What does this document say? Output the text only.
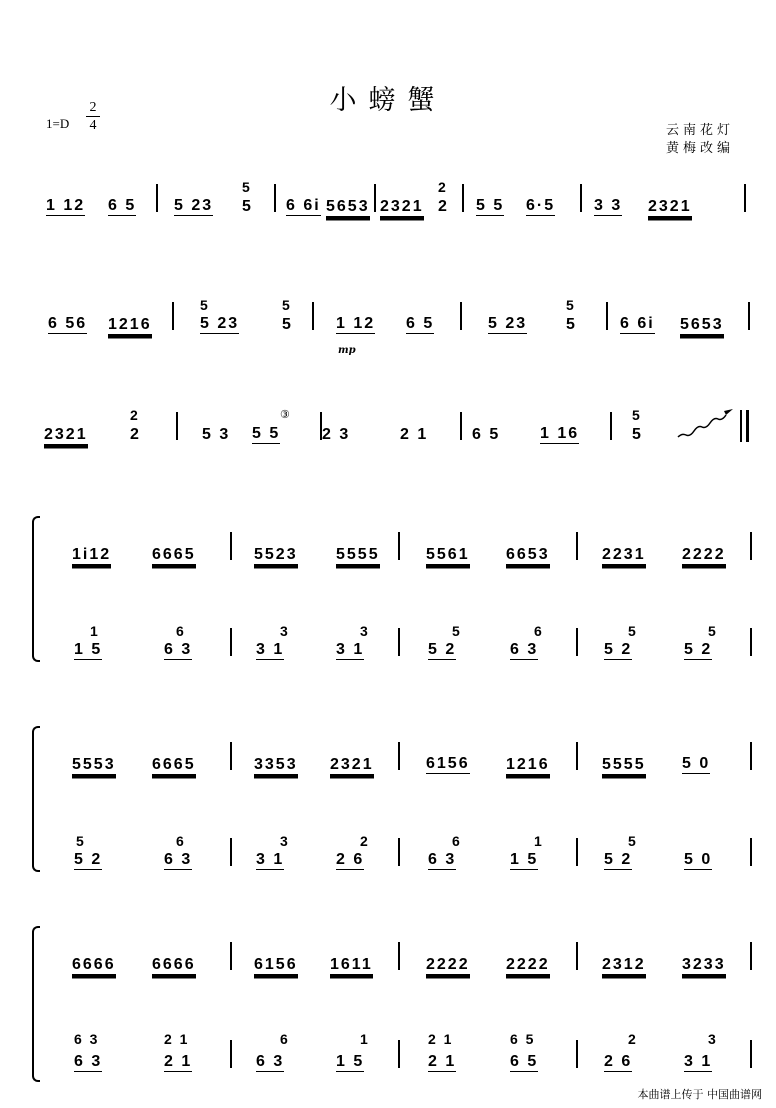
小螃蟹
1=D
2
4	云南花灯
黄梅改编
1 12 6 5 5 23 5
5
6 6i 5653 2321 2
2
5 5 6·5 3 3 2321
6 56 1216	5 23
5
5
5
1 12 6 5	5 23 5
5
6 6i 5653
mp
2321	2
2
5 3 5 5
③
2 3	2 1	6 5 1 16	5
5
1i12	6665	5523 5555	5561 6653	2231 2222
1
1 5
6
6 3
3
3 1
3
3 1
5
5 2
6
6 3
5
5 2
5
5 2
5553 6665	3353 2321	6156 1216	5555 5 0
5
5 2
6
6 3
3
3 1
2
2 6
6
6 3
1
1 5
5
5 2	5 0
6666 6666	6156 1611	2222 2222	2312 3233
6 3
6 3
2 1
2 1
6
6 3
1
1 5
2 1
2 1
6 5
6 5
2
2 6
3
3 1
本曲谱上传于 中国曲谱网
